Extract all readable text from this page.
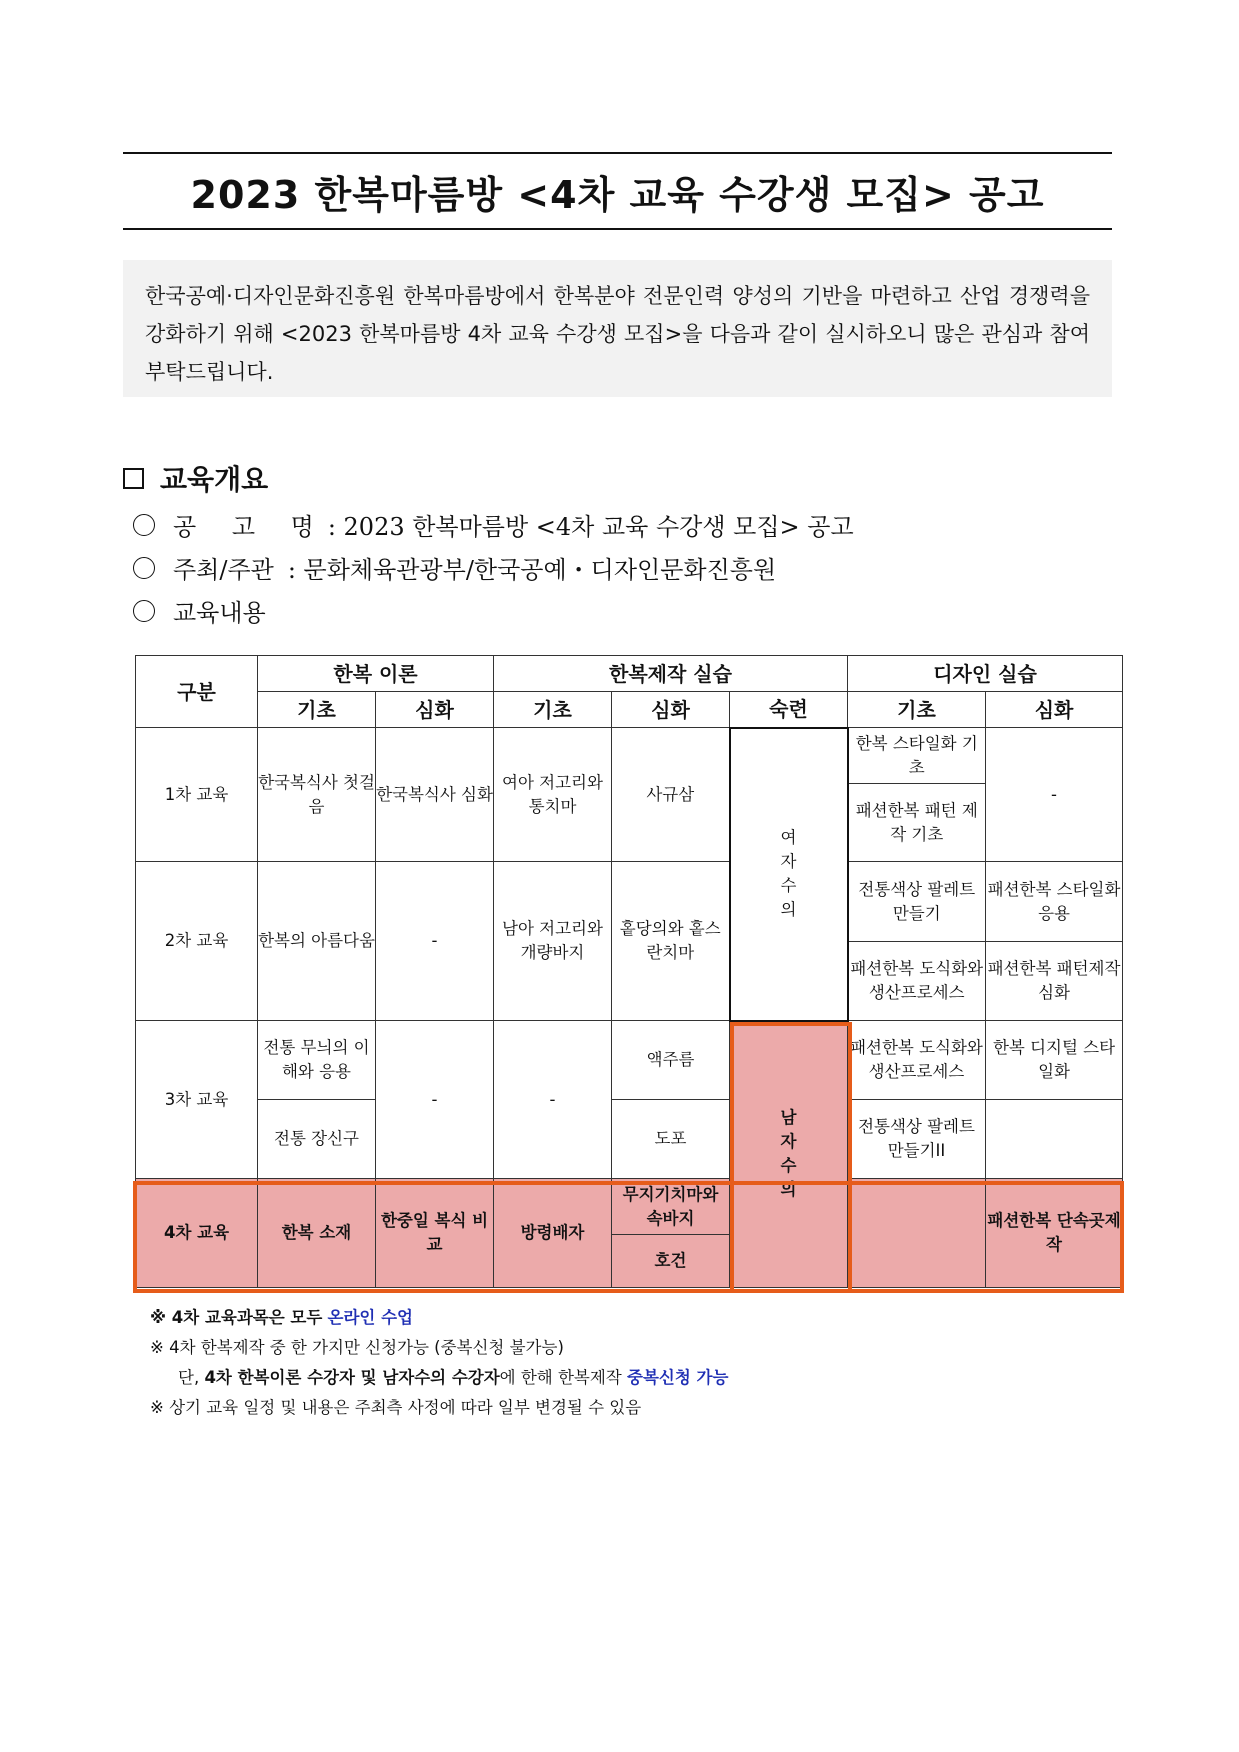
2023 한복마름방 <4차 교육 수강생 모집> 공고
한국공예·디자인문화진흥원 한복마름방에서 한복분야 전문인력 양성의 기반을 마련하고 산업 경쟁력을 강화하기 위해 <2023 한복마름방 4차 교육 수강생 모집>을 다음과 같이 실시하오니 많은 관심과 참여 부탁드립니다.
교육개요
공 고 명 : 2023 한복마름방 <4차 교육 수강생 모집> 공고
주최/주관 : 문화체육관광부/한국공예・디자인문화진흥원
교육내용
구분	한복 이론		한복제작 실습			디자인 실습	
	기초	심화	기초	심화	숙련	기초	심화
1차 교육	한국복식사 첫걸음	한국복식사 심화	여아 저고리와 통치마	사규삼	여자 수의	한복 스타일화 기초	-
						패션한복 패턴 제작 기초	
2차 교육	한복의 아름다움	-	남아 저고리와 개량바지	홑당의와 홑스란치마		전통색상 팔레트 만들기	패션한복 스타일화 응용

						패션한복 도식화와 생산프로세스	패션한복 패턴제작 심화

3차 교육	전통 무늬의 이해와 응용	-	-	액주름	남자 수의	패션한복 도식화와 생산프로세스	한복 디지털 스타일화
	전통 장신구			도포		전통색상 팔레트 만들기II	
4차 교육	한복 소재	한중일 복식 비교	방령배자	무지기치마와 속바지			패션한복 단속곳제작
				호건			
※ 4차 교육과목은 모두 온라인 수업
※ 4차 한복제작 중 한 가지만 신청가능 (중복신청 불가능)
단, 4차 한복이론 수강자 및 남자수의 수강자에 한해 한복제작 중복신청 가능
※ 상기 교육 일정 및 내용은 주최측 사정에 따라 일부 변경될 수 있음
